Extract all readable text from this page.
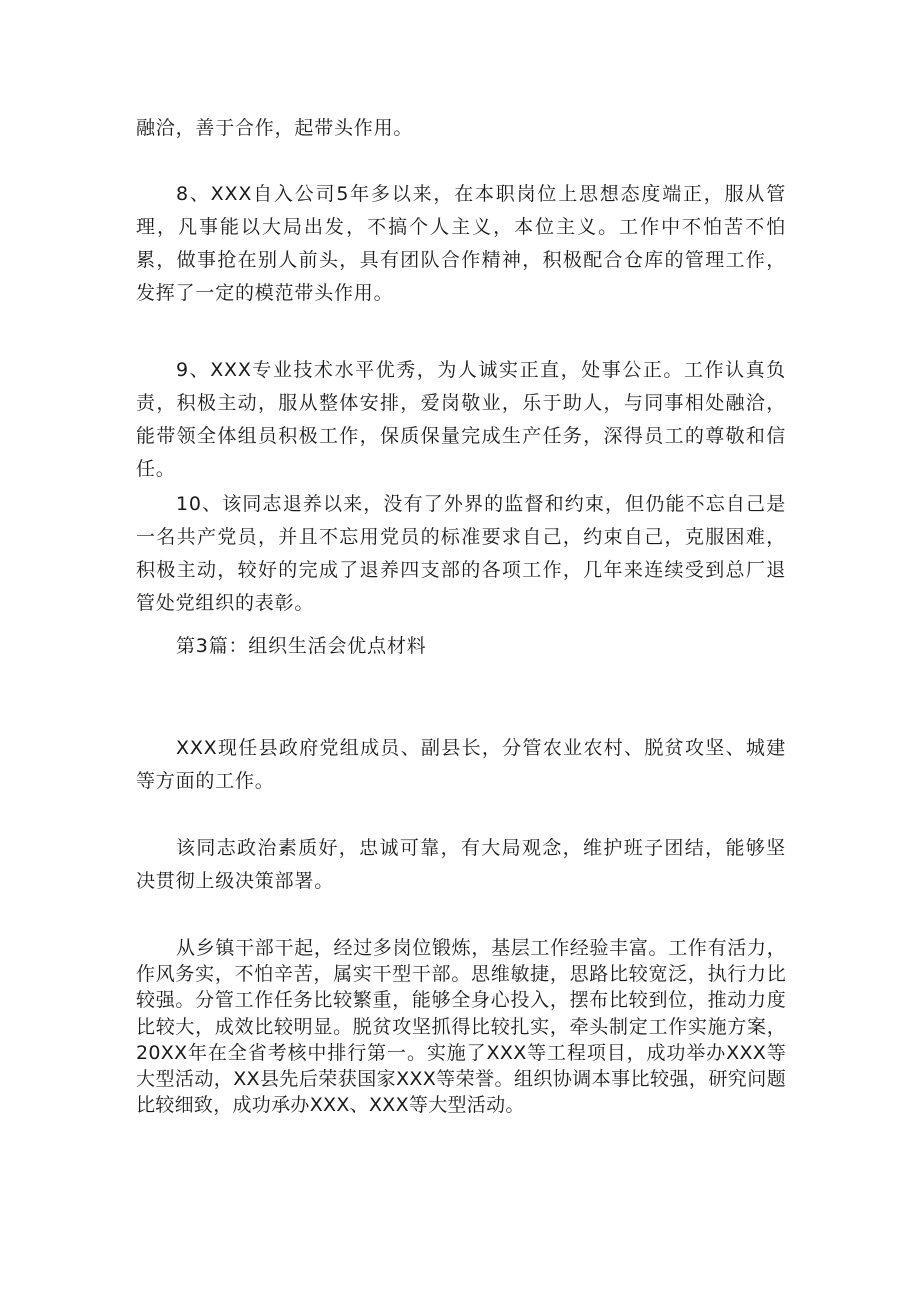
融洽，善于合作，起带头作用。

8、XXX自入公司5年多以来，在本职岗位上思想态度端正，服从管理，凡事能以大局出发，不搞个人主义，本位主义。工作中不怕苦不怕累，做事抢在别人前头，具有团队合作精神，积极配合仓库的管理工作，发挥了一定的模范带头作用。

9、XXX专业技术水平优秀，为人诚实正直，处事公正。工作认真负责，积极主动，服从整体安排，爱岗敬业，乐于助人，与同事相处融洽，能带领全体组员积极工作，保质保量完成生产任务，深得员工的尊敬和信任。

10、该同志退养以来，没有了外界的监督和约束，但仍能不忘自己是一名共产党员，并且不忘用党员的标准要求自己，约束自己，克服困难，积极主动，较好的完成了退养四支部的各项工作，几年来连续受到总厂退管处党组织的表彰。

第3篇：组织生活会优点材料

XXX现任县政府党组成员、副县长，分管农业农村、脱贫攻坚、城建等方面的工作。

该同志政治素质好，忠诚可靠，有大局观念，维护班子团结，能够坚决贯彻上级决策部署。

从乡镇干部干起，经过多岗位锻炼，基层工作经验丰富。工作有活力，作风务实，不怕辛苦，属实干型干部。思维敏捷，思路比较宽泛，执行力比较强。分管工作任务比较繁重，能够全身心投入，摆布比较到位，推动力度比较大，成效比较明显。脱贫攻坚抓得比较扎实，牵头制定工作实施方案，20XX年在全省考核中排行第一。实施了XXX等工程项目，成功举办XXX等大型活动，XX县先后荣获国家XXX等荣誉。组织协调本事比较强，研究问题比较细致，成功承办XXX、XXX等大型活动。
